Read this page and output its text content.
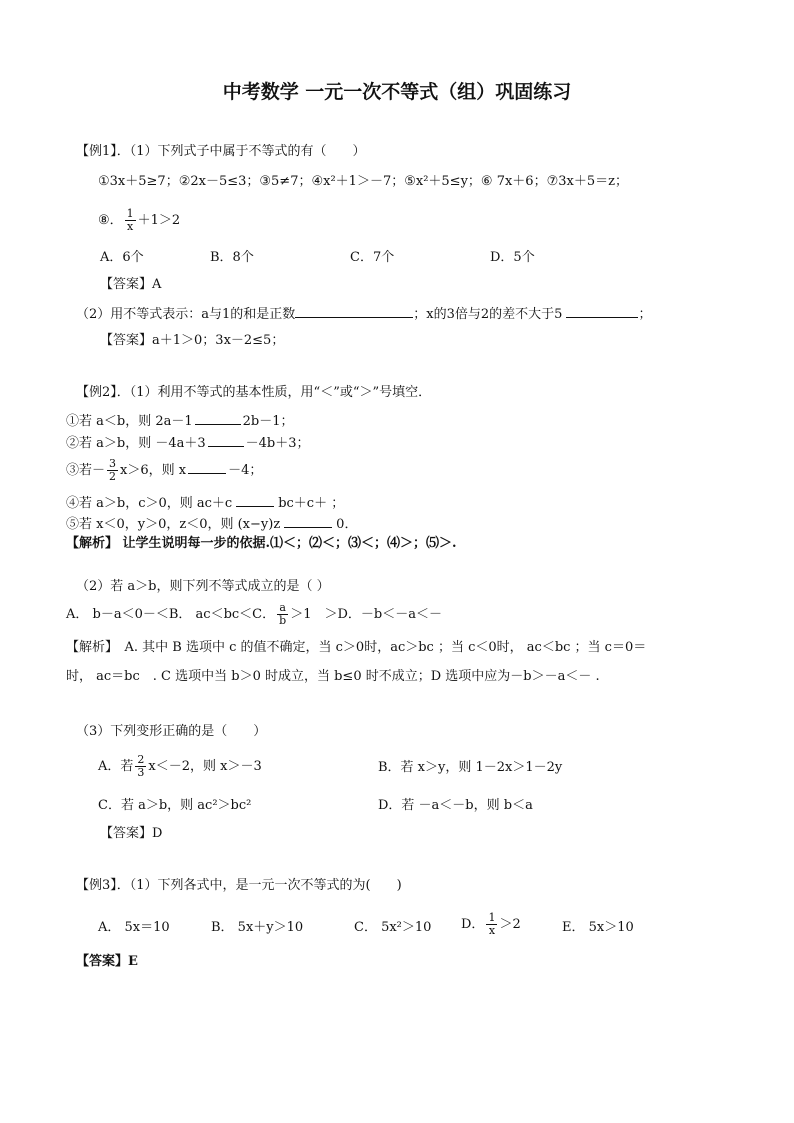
中考数学 一元一次不等式（组）巩固练习
【例1】．（1）下列式子中属于不等式的有（　　）
①3x＋5≥7；②2x－5≤3；③5≠7；④x²＋1＞－7；⑤x²＋5≤y；⑥ 7x＋6；⑦3x＋5＝z；
⑧． $\frac{1}{x} +1>2$
A．6个	B．8个	C．7个	D．5个
【答案】A
（2）用不等式表示：a与1的和是正数	；x的3倍与2的差不大于5	；
【答案】a＋1＞0；3x－2≤5；
【例2】．（1）利用不等式的基本性质，用“＜”或“＞”号填空．
①若 a＜b，则 2a－1	2b－1；
②若 a＞b，则 －4a＋3	－4b＋3；
③若－ $\frac{3}{2} x>6$，则 x	－4；
④若 a＞b，c＞0，则 ac＋c	bc＋c＋ ；
⑤若 x＜0，y＞0，z＜0，则 (x−y)z	0．
【解析】 让学生说明每一步的依据.⑴＜；⑵＜；⑶＜；⑷＞；⑸＞.
（2）若 a＞b，则下列不等式成立的是（ ）
A． b－a＜0－＜B． ac＜bc＜C． $\frac{a}{b} >1$　＞D．－b＜－a＜－
【解析】　A. 其中 B 选项中 c 的值不确定，当 c＞0时，ac＞bc ；当 c＜0时， ac＜bc ；当 c＝0＝
时， ac＝bc　. C 选项中当 b＞0 时成立，当 b≤0 时不成立；D 选项中应为－b＞－a＜－ .
（3）下列变形正确的是（　　）
A．若 $\frac{2}{3} x<-2$，则 x＞－3	B．若 x＞y，则 1－2x＞1－2y
C．若 a＞b，则 ac²＞bc²	D．若 －a＜－b，则 b＜a
【答案】D
【例3】．（1）下列各式中，是一元一次不等式的为(　　)
A． 5x＝10	B． 5x＋y＞10	C． 5x²＞10 D． $\frac{1}{x} >2$	E． 5x＞10
【答案】E
